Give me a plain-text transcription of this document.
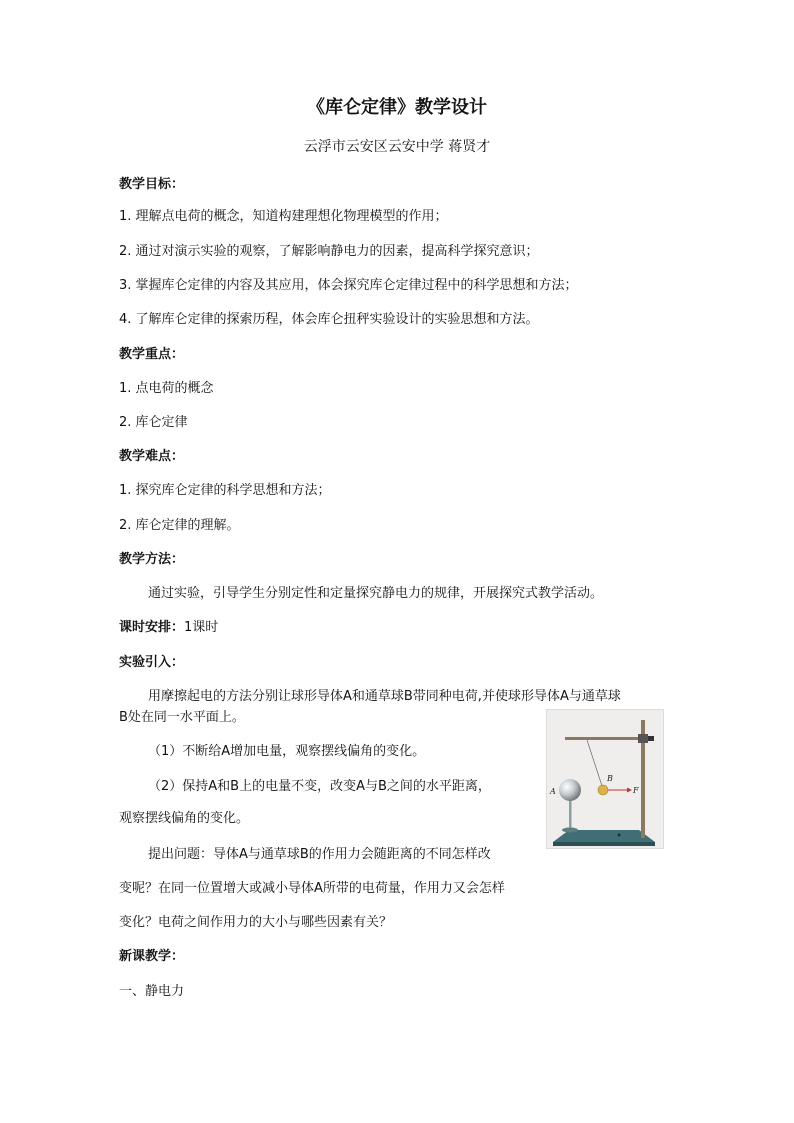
《库仑定律》教学设计
云浮市云安区云安中学 蒋贤才
教学目标：
1. 理解点电荷的概念，知道构建理想化物理模型的作用；
2. 通过对演示实验的观察，了解影响静电力的因素，提高科学探究意识；
3. 掌握库仑定律的内容及其应用，体会探究库仑定律过程中的科学思想和方法；
4. 了解库仑定律的探索历程，体会库仑扭秤实验设计的实验思想和方法。
教学重点：
1. 点电荷的概念
2. 库仑定律
教学难点：
1. 探究库仑定律的科学思想和方法；
2. 库仑定律的理解。
教学方法：
通过实验，引导学生分别定性和定量探究静电力的规律，开展探究式教学活动。
课时安排：1课时
实验引入：
用摩擦起电的方法分别让球形导体A和通草球B带同种电荷,并使球形导体A与通草球
B处在同一水平面上。
（1）不断给A增加电量，观察摆线偏角的变化。
（2）保持A和B上的电量不变，改变A与B之间的水平距离，
观察摆线偏角的变化。
提出问题：导体A与通草球B的作用力会随距离的不同怎样改
变呢？在同一位置增大或减小导体A所带的电荷量，作用力又会怎样
变化？电荷之间作用力的大小与哪些因素有关？
新课教学：
一、静电力
A
B
F
